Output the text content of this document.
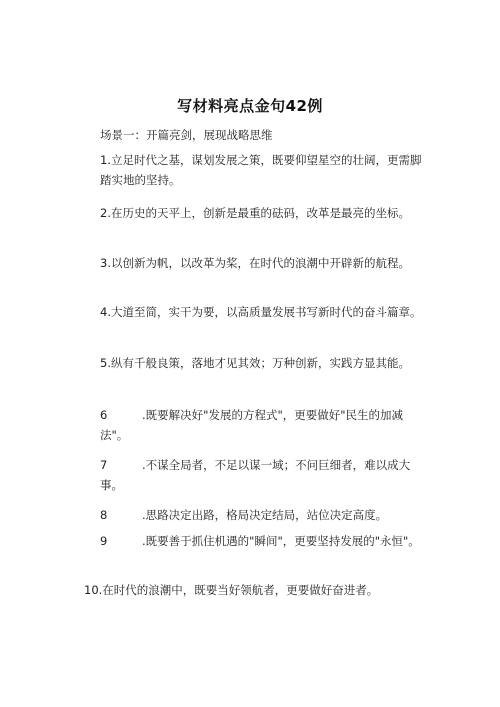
写材料亮点金句42例
场景一：开篇亮剑，展现战略思维
1.立足时代之基，谋划发展之策，既要仰望星空的壮阔，更需脚踏实地的坚持。
2.在历史的天平上，创新是最重的砝码，改革是最亮的坐标。
3.以创新为帆，以改革为桨，在时代的浪潮中开辟新的航程。
4.大道至简，实干为要，以高质量发展书写新时代的奋斗篇章。
5.纵有千般良策，落地才见其效；万种创新，实践方显其能。
6	.既要解决好"发展的方程式"，更要做好"民生的加减法"。
7	.不谋全局者，不足以谋一域；不问巨细者，难以成大事。
8	.思路决定出路，格局决定结局，站位决定高度。
9	.既要善于抓住机遇的"瞬间"，更要坚持发展的"永恒"。
10.在时代的浪潮中，既要当好领航者，更要做好奋进者。
